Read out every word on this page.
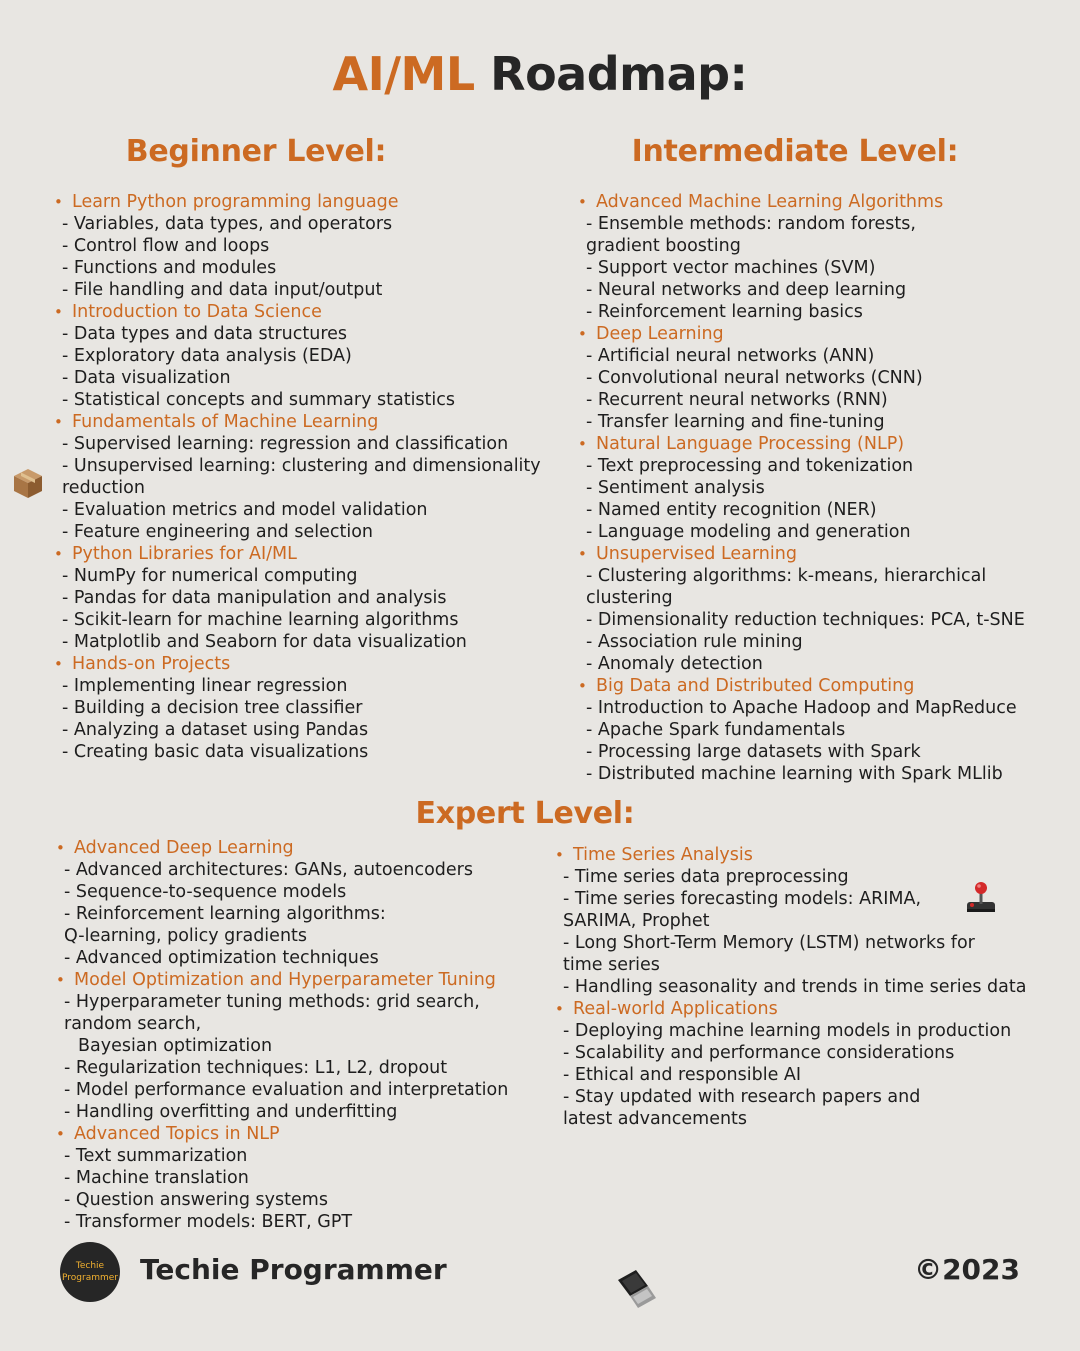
AI/ML Roadmap:
Beginner Level:	Intermediate Level:
Expert Level:
• Learn Python programming language
- Variables, data types, and operators
- Control flow and loops
- Functions and modules
- File handling and data input/output
• Introduction to Data Science
- Data types and data structures
- Exploratory data analysis (EDA)
- Data visualization
- Statistical concepts and summary statistics
• Fundamentals of Machine Learning
- Supervised learning: regression and classification
- Unsupervised learning: clustering and dimensionality
reduction
- Evaluation metrics and model validation
- Feature engineering and selection
• Python Libraries for AI/ML
- NumPy for numerical computing
- Pandas for data manipulation and analysis
- Scikit-learn for machine learning algorithms
- Matplotlib and Seaborn for data visualization
• Hands-on Projects
- Implementing linear regression
- Building a decision tree classifier
- Analyzing a dataset using Pandas
- Creating basic data visualizations
• Advanced Machine Learning Algorithms
- Ensemble methods: random forests,
gradient boosting
- Support vector machines (SVM)
- Neural networks and deep learning
- Reinforcement learning basics
• Deep Learning
- Artificial neural networks (ANN)
- Convolutional neural networks (CNN)
- Recurrent neural networks (RNN)
- Transfer learning and fine-tuning
• Natural Language Processing (NLP)
- Text preprocessing and tokenization
- Sentiment analysis
- Named entity recognition (NER)
- Language modeling and generation
• Unsupervised Learning
- Clustering algorithms: k-means, hierarchical
clustering
- Dimensionality reduction techniques: PCA, t-SNE
- Association rule mining
- Anomaly detection
• Big Data and Distributed Computing
- Introduction to Apache Hadoop and MapReduce
- Apache Spark fundamentals
- Processing large datasets with Spark
- Distributed machine learning with Spark MLlib
• Advanced Deep Learning
- Advanced architectures: GANs, autoencoders
- Sequence-to-sequence models
- Reinforcement learning algorithms:
Q-learning, policy gradients
- Advanced optimization techniques
• Model Optimization and Hyperparameter Tuning
- Hyperparameter tuning methods: grid search,
random search,
Bayesian optimization
- Regularization techniques: L1, L2, dropout
- Model performance evaluation and interpretation
- Handling overfitting and underfitting
• Advanced Topics in NLP
- Text summarization
- Machine translation
- Question answering systems
- Transformer models: BERT, GPT
• Time Series Analysis
- Time series data preprocessing
- Time series forecasting models: ARIMA,
SARIMA, Prophet
- Long Short-Term Memory (LSTM) networks for
time series
- Handling seasonality and trends in time series data
• Real-world Applications
- Deploying machine learning models in production
- Scalability and performance considerations
- Ethical and responsible AI
- Stay updated with research papers and
latest advancements
Techie
Programmer Techie Programmer	©2023
